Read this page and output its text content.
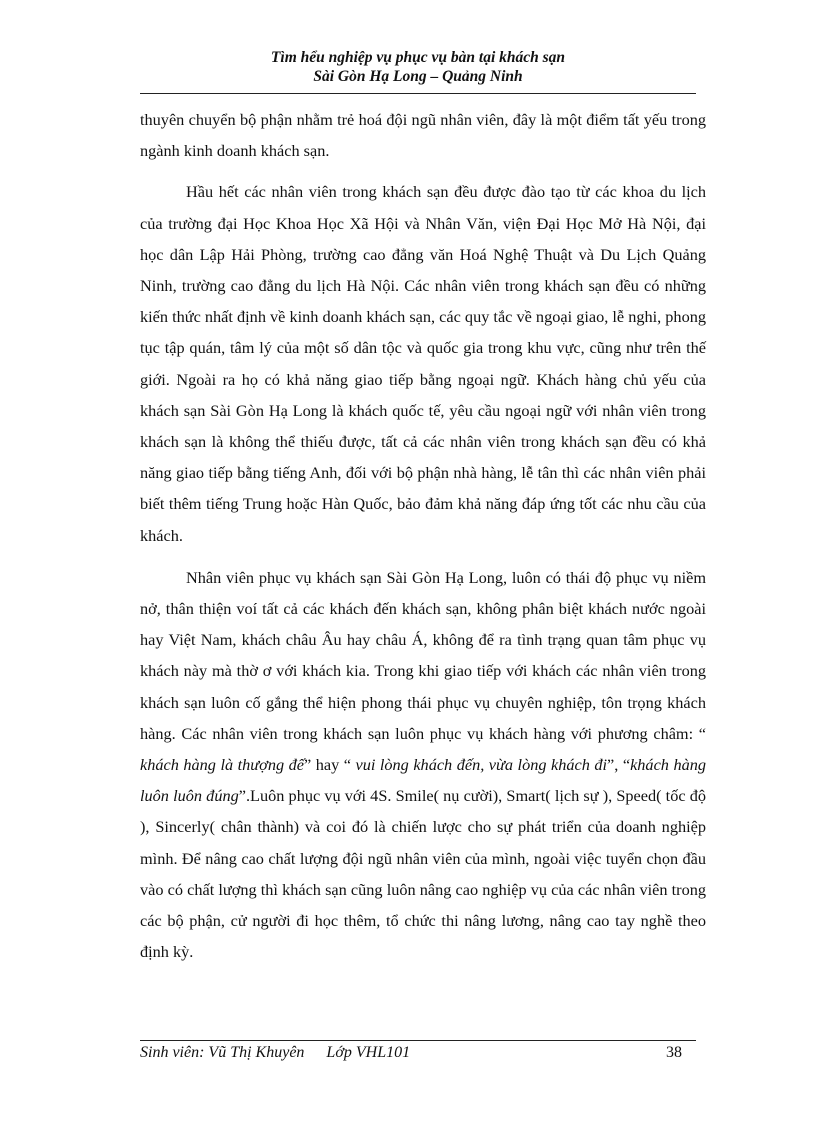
Tìm hểu nghiệp vụ phục vụ bàn tại khách sạn
Sài Gòn Hạ Long – Quảng Ninh

thuyên chuyển bộ phận nhằm trẻ hoá đội ngũ nhân viên, đây là một điểm tất yếu trong ngành kinh doanh khách sạn.

Hầu hết các nhân viên trong khách sạn đều được đào tạo từ các khoa du lịch của trường đại Học Khoa Học Xã Hội và Nhân Văn, viện Đại Học Mở Hà Nội, đại học dân Lập Hải Phòng, trường cao đẳng văn Hoá Nghệ Thuật và Du Lịch Quảng Ninh, trường cao đẳng du lịch Hà Nội. Các nhân viên trong khách sạn đều có những kiến thức nhất định về kinh doanh khách sạn, các quy tắc về ngoại giao, lễ nghi, phong tục tập quán, tâm lý của một số dân tộc và quốc gia trong khu vực, cũng như trên thế giới. Ngoài ra họ có khả năng giao tiếp bằng ngoại ngữ. Khách hàng chủ yếu của khách sạn Sài Gòn Hạ Long là khách quốc tế, yêu cầu ngoại ngữ với nhân viên trong khách sạn là không thể thiếu được, tất cả các nhân viên trong khách sạn đều có khả năng giao tiếp bằng tiếng Anh, đối với bộ phận nhà hàng, lễ tân thì các nhân viên phải biết thêm tiếng Trung hoặc Hàn Quốc, bảo đảm khả năng đáp ứng tốt các nhu cầu của khách.

Nhân viên phục vụ khách sạn Sài Gòn Hạ Long, luôn có thái độ phục vụ niềm nở, thân thiện voí tất cả các khách đến khách sạn, không phân biệt khách nước ngoài hay Việt Nam, khách châu Âu hay châu Á, không để ra tình trạng quan tâm phục vụ khách này mà thờ ơ với khách kia. Trong khi giao tiếp với khách các nhân viên trong khách sạn luôn cố gắng thể hiện phong thái phục vụ chuyên nghiệp, tôn trọng khách hàng. Các nhân viên trong khách sạn luôn phục vụ khách hàng với phương châm: “ khách hàng là thượng đế” hay “ vui lòng khách đến, vừa lòng khách đi”, “khách hàng luôn luôn đúng”.Luôn phục vụ với 4S. Smile( nụ cười), Smart( lịch sự ), Speed( tốc độ ), Sincerly( chân thành) và coi đó là chiến lược cho sự phát triển của doanh nghiệp mình. Để nâng cao chất lượng đội ngũ nhân viên của mình, ngoài việc tuyển chọn đầu vào có chất lượng thì khách sạn cũng luôn nâng cao nghiệp vụ của các nhân viên trong các bộ phận, cử người đi học thêm, tổ chức thi nâng lương, nâng cao tay nghề theo định kỳ.

Sinh viên: Vũ Thị Khuyên Lớp VHL101	38
